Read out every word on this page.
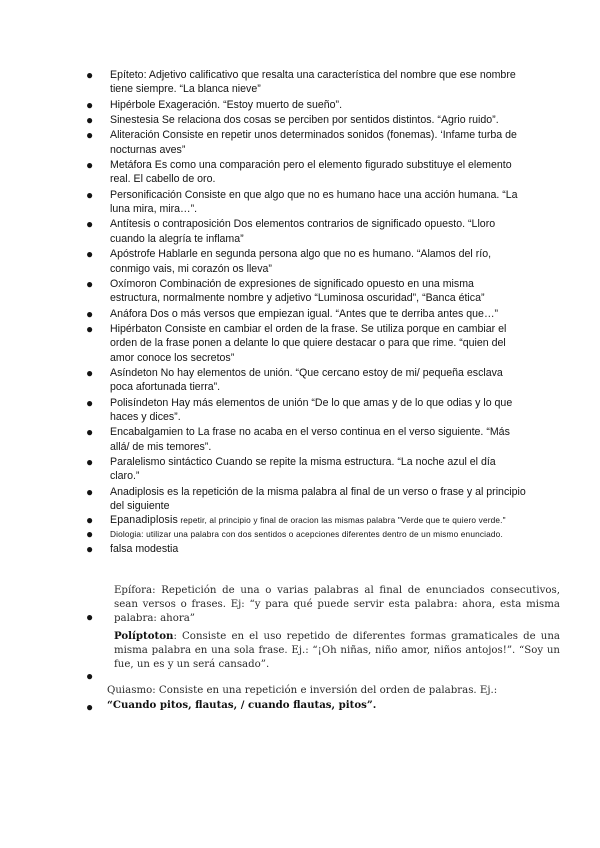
● Epíteto: Adjetivo calificativo que resalta una característica del nombre que ese nombre tiene siempre. “La blanca nieve”
● Hipérbole Exageración. “Estoy muerto de sueño”.
● Sinestesia Se relaciona dos cosas se perciben por sentidos distintos. “Agrio ruido”.
● Aliteración Consiste en repetir unos determinados sonidos (fonemas). ‘Infame turba de nocturnas aves”
● Metáfora Es como una comparación pero el elemento figurado substituye el elemento real. El cabello de oro.
● Personificación Consiste en que algo que no es humano hace una acción humana. “La luna mira, mira…”.
● Antítesis o contraposición Dos elementos contrarios de significado opuesto. “Lloro cuando la alegría te inflama”
● Apóstrofe Hablarle en segunda persona algo que no es humano. “Alamos del río, conmigo vais, mi corazón os lleva”
● Oxímoron Combinación de expresiones de significado opuesto en una misma estructura, normalmente nombre y adjetivo “Luminosa oscuridad”, “Banca ética”
● Anáfora Dos o más versos que empiezan igual. “Antes que te derriba antes que…”
● Hipérbaton Consiste en cambiar el orden de la frase. Se utiliza porque en cambiar el orden de la frase ponen a delante lo que quiere destacar o para que rime. “quien del amor conoce los secretos”
● Asíndeton No hay elementos de unión. “Que cercano estoy de mi/ pequeña esclava poca afortunada tierra”.
● Polisíndeton Hay más elementos de unión “De lo que amas y de lo que odias y lo que haces y dices”.
● Encabalgamien to La frase no acaba en el verso continua en el verso siguiente. “Más allá/ de mis temores”.
● Paralelismo sintáctico Cuando se repite la misma estructura. “La noche azul el día claro.”
● Anadiplosis es la repetición de la misma palabra al final de un verso o frase y al principio del siguiente
● Epanadiplosis repetir, al principio y final de oracion las mismas palabra "Verde que te quiero verde."
● Diologia: utilizar una palabra con dos sentidos o acepciones diferentes dentro de un mismo enunciado.
● falsa modestia
Epífora: Repetición de una o varias palabras al final de enunciados consecutivos, sean versos o frases. Ej: “y para qué puede servir esta palabra: ahora, esta misma palabra: ahora”
●
Políptoton: Consiste en el uso repetido de diferentes formas gramaticales de una misma palabra en una sola frase. Ej.: “¡Oh niñas, niño amor, niños antojos!”. “Soy un fue, un es y un será cansado”.
●
Quiasmo: Consiste en una repetición e inversión del orden de palabras. Ej.:
“Cuando pitos, flautas, / cuando flautas, pitos”.
●
